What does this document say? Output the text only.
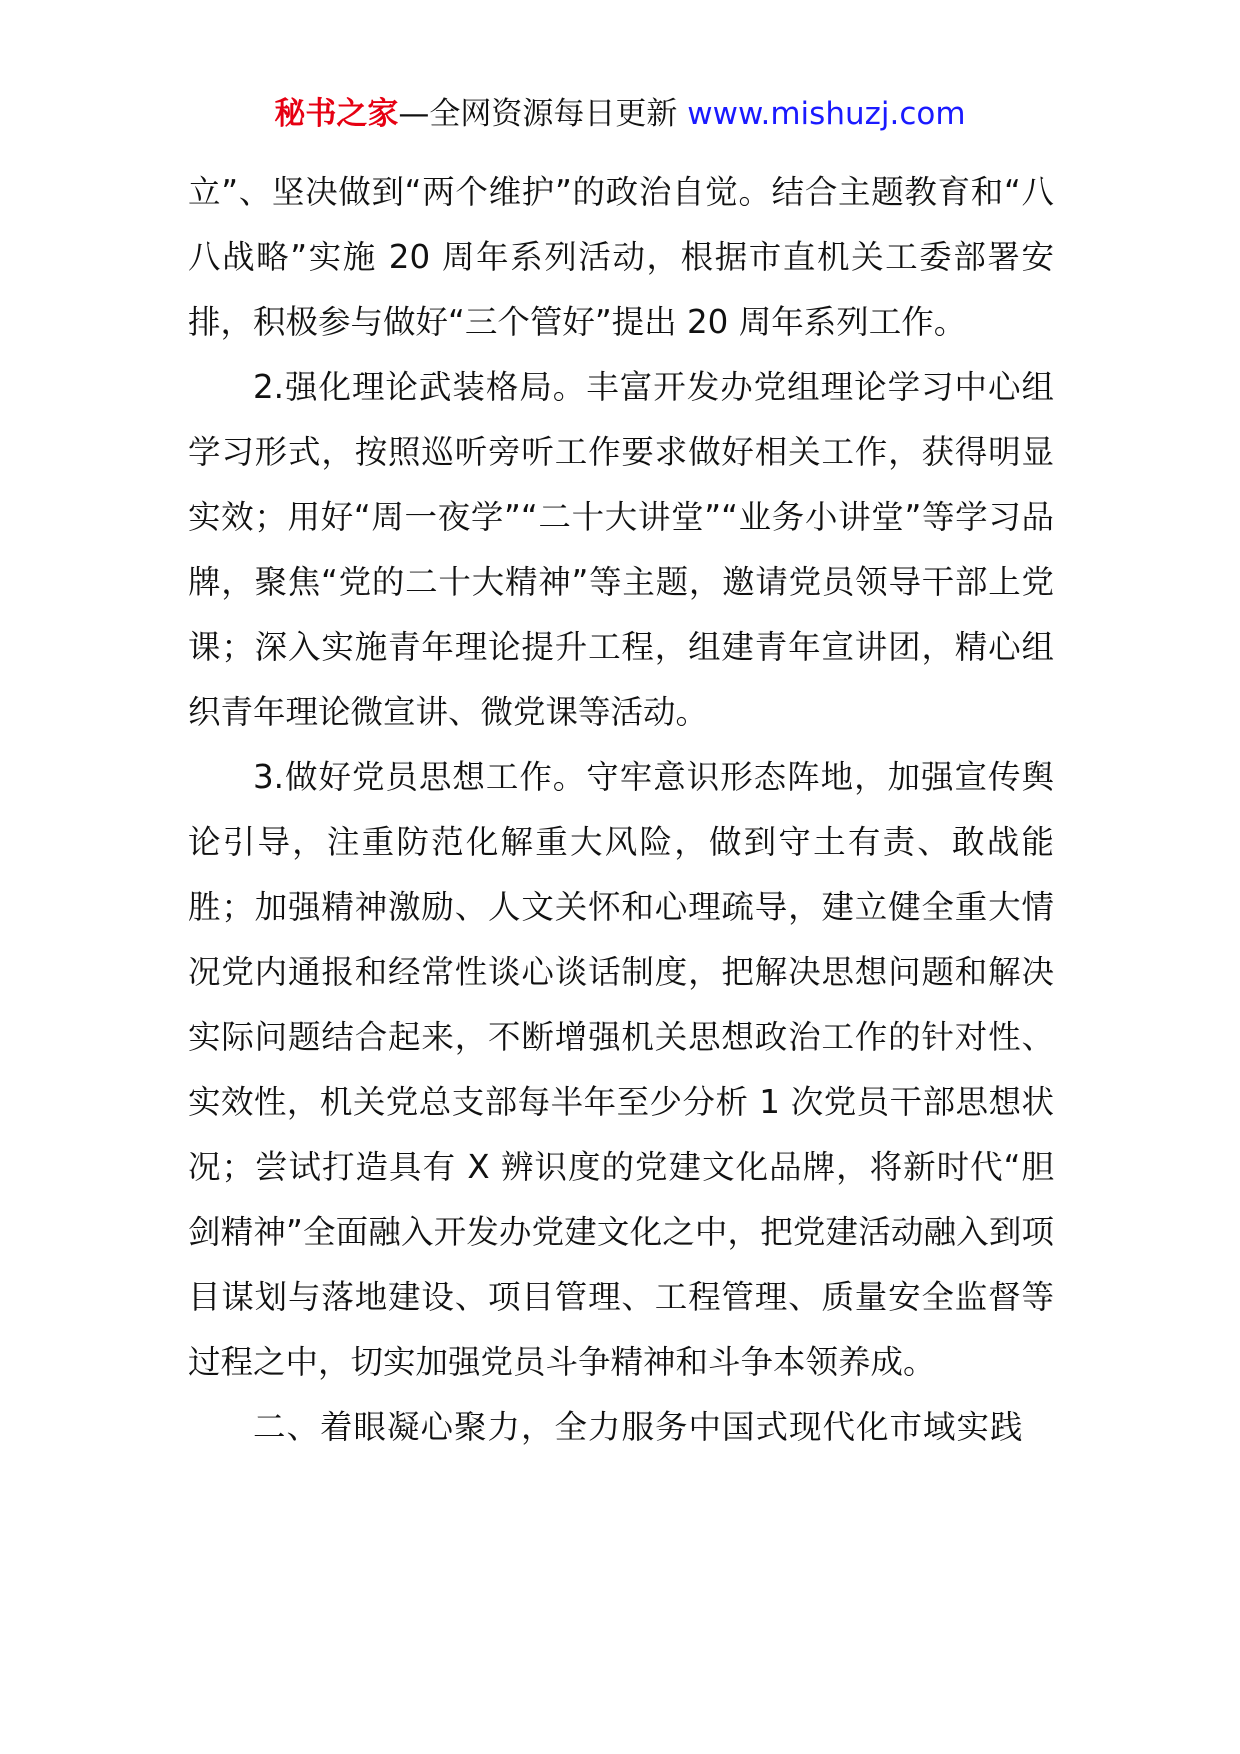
秘书之家—全网资源每日更新 www.mishuzj.com

立”、坚决做到“两个维护”的政治自觉。结合主题教育和“八八战略”实施 20 周年系列活动，根据市直机关工委部署安排，积极参与做好“三个管好”提出 20 周年系列工作。

2.强化理论武装格局。丰富开发办党组理论学习中心组学习形式，按照巡听旁听工作要求做好相关工作，获得明显实效；用好“周一夜学”“二十大讲堂”“业务小讲堂”等学习品牌，聚焦“党的二十大精神”等主题，邀请党员领导干部上党课；深入实施青年理论提升工程，组建青年宣讲团，精心组织青年理论微宣讲、微党课等活动。

3.做好党员思想工作。守牢意识形态阵地，加强宣传舆论引导，注重防范化解重大风险，做到守土有责、敢战能胜；加强精神激励、人文关怀和心理疏导，建立健全重大情况党内通报和经常性谈心谈话制度，把解决思想问题和解决实际问题结合起来，不断增强机关思想政治工作的针对性、实效性，机关党总支部每半年至少分析 1 次党员干部思想状况；尝试打造具有 X 辨识度的党建文化品牌，将新时代“胆剑精神”全面融入开发办党建文化之中，把党建活动融入到项目谋划与落地建设、项目管理、工程管理、质量安全监督等过程之中，切实加强党员斗争精神和斗争本领养成。

二、着眼凝心聚力，全力服务中国式现代化市域实践
